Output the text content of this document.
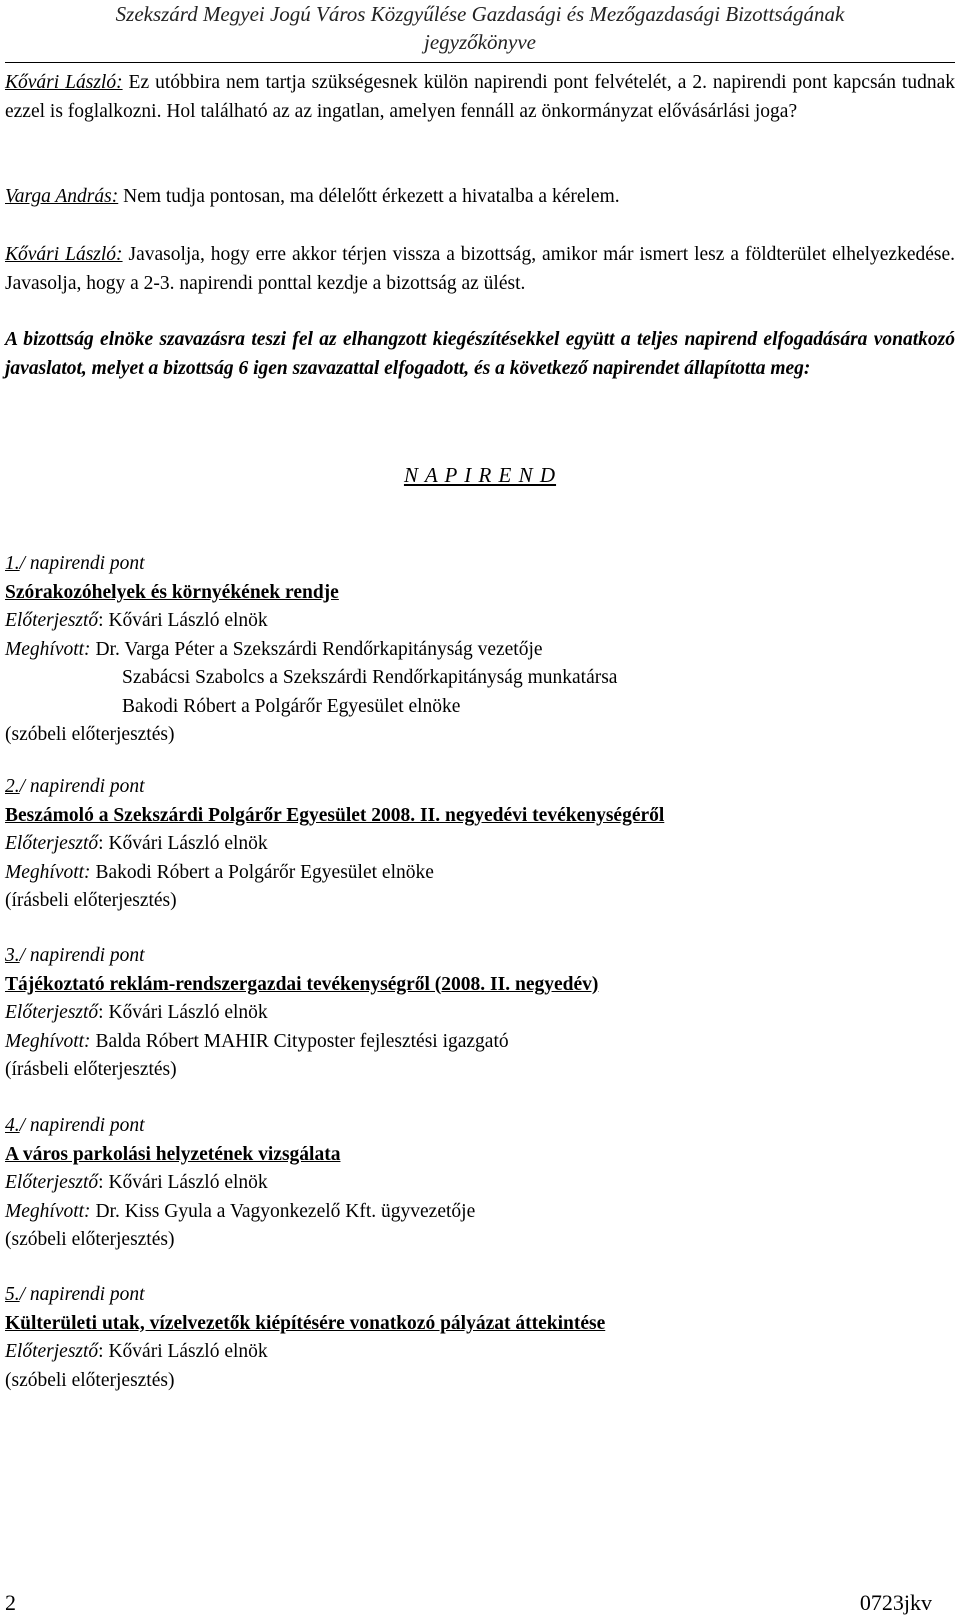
Szekszárd Megyei Jogú Város Közgyűlése Gazdasági és Mezőgazdasági Bizottságának
jegyzőkönyve
Kővári László: Ez utóbbira nem tartja szükségesnek külön napirendi pont felvételét, a 2. napirendi pont kapcsán tudnak ezzel is foglalkozni. Hol található az az ingatlan, amelyen fennáll az önkormányzat elővásárlási joga?
Varga András: Nem tudja pontosan, ma délelőtt érkezett a hivatalba a kérelem.
Kővári László: Javasolja, hogy erre akkor térjen vissza a bizottság, amikor már ismert lesz a földterület elhelyezkedése. Javasolja, hogy a 2-3. napirendi ponttal kezdje a bizottság az ülést.
A bizottság elnöke szavazásra teszi fel az elhangzott kiegészítésekkel együtt a teljes napirend elfogadására vonatkozó javaslatot, melyet a bizottság 6 igen szavazattal elfogadott, és a következő napirendet állapította meg:
N A P I R E N D
1./ napirendi pont
Szórakozóhelyek és környékének rendje
Előterjesztő: Kővári László elnök
Meghívott: Dr. Varga Péter a Szekszárdi Rendőrkapitányság vezetője
Szabácsi Szabolcs a Szekszárdi Rendőrkapitányság munkatársa
Bakodi Róbert a Polgárőr Egyesület elnöke
(szóbeli előterjesztés)
2./ napirendi pont
Beszámoló a Szekszárdi Polgárőr Egyesület 2008. II. negyedévi tevékenységéről
Előterjesztő: Kővári László elnök
Meghívott: Bakodi Róbert a Polgárőr Egyesület elnöke
(írásbeli előterjesztés)
3./ napirendi pont
Tájékoztató reklám-rendszergazdai tevékenységről (2008. II. negyedév)
Előterjesztő: Kővári László elnök
Meghívott: Balda Róbert MAHIR Cityposter fejlesztési igazgató
(írásbeli előterjesztés)
4./ napirendi pont
A város parkolási helyzetének vizsgálata
Előterjesztő: Kővári László elnök
Meghívott: Dr. Kiss Gyula a Vagyonkezelő Kft. ügyvezetője
(szóbeli előterjesztés)
5./ napirendi pont
Külterületi utak, vízelvezetők kiépítésére vonatkozó pályázat áttekintése
Előterjesztő: Kővári László elnök
(szóbeli előterjesztés)
2	0723jkv
